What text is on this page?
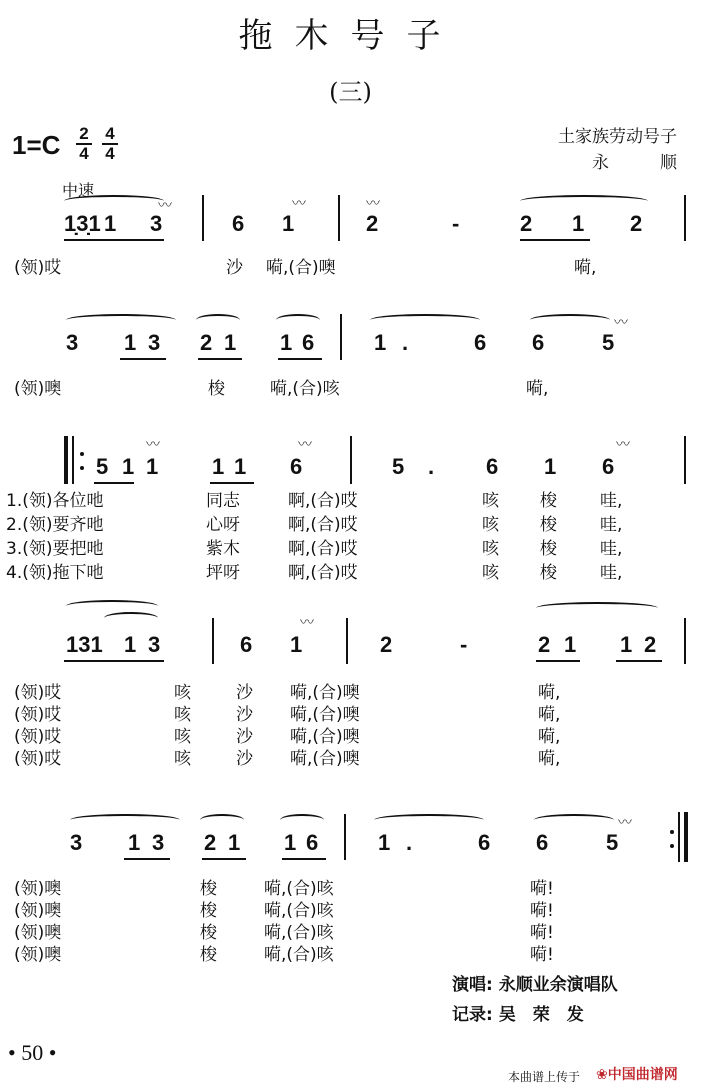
拖木号子
(三)
1=C 2
4
4
4
土家族劳动号子
永　　　顺
中速
〰
1̣3̣1 1 3	6
〰
1
〰
2	-	2 1 2
(领)哎	沙 嗬,(合)噢	嗬,
3 1 3 2 1 1 6	1 .	6
〰
6	5
(领)噢	梭	嗬,(合)咳	嗬,
5 1
〰
1 1 1
〰
6	5 . 6 1
〰
6
1.(领)各位吔	同志	啊,(合)哎	咳 梭	哇,
2.(领)要齐吔	心呀	啊,(合)哎	咳 梭	哇,
3.(领)要把吔	紫木	啊,(合)哎	咳 梭	哇,
4.(领)拖下吔	坪呀	啊,(合)哎	咳 梭	哇,
131 1 3	6
〰
1	2	-	2 1 1 2
(领)哎	咳	沙 嗬,(合)噢	嗬,
(领)哎	咳	沙 嗬,(合)噢	嗬,
(领)哎	咳	沙 嗬,(合)噢	嗬,
(领)哎	咳	沙 嗬,(合)噢	嗬,
3 1 3 2 1 1 6	1 .	6
〰
6	5
(领)噢	梭	嗬,(合)咳	嗬!
(领)噢	梭	嗬,(合)咳	嗬!
(领)噢	梭	嗬,(合)咳	嗬!
(领)噢	梭	嗬,(合)咳	嗬!
演唱: 永顺业余演唱队
记录: 吴　荣　发
• 50 •
本曲谱上传于 ❀中国曲谱网
